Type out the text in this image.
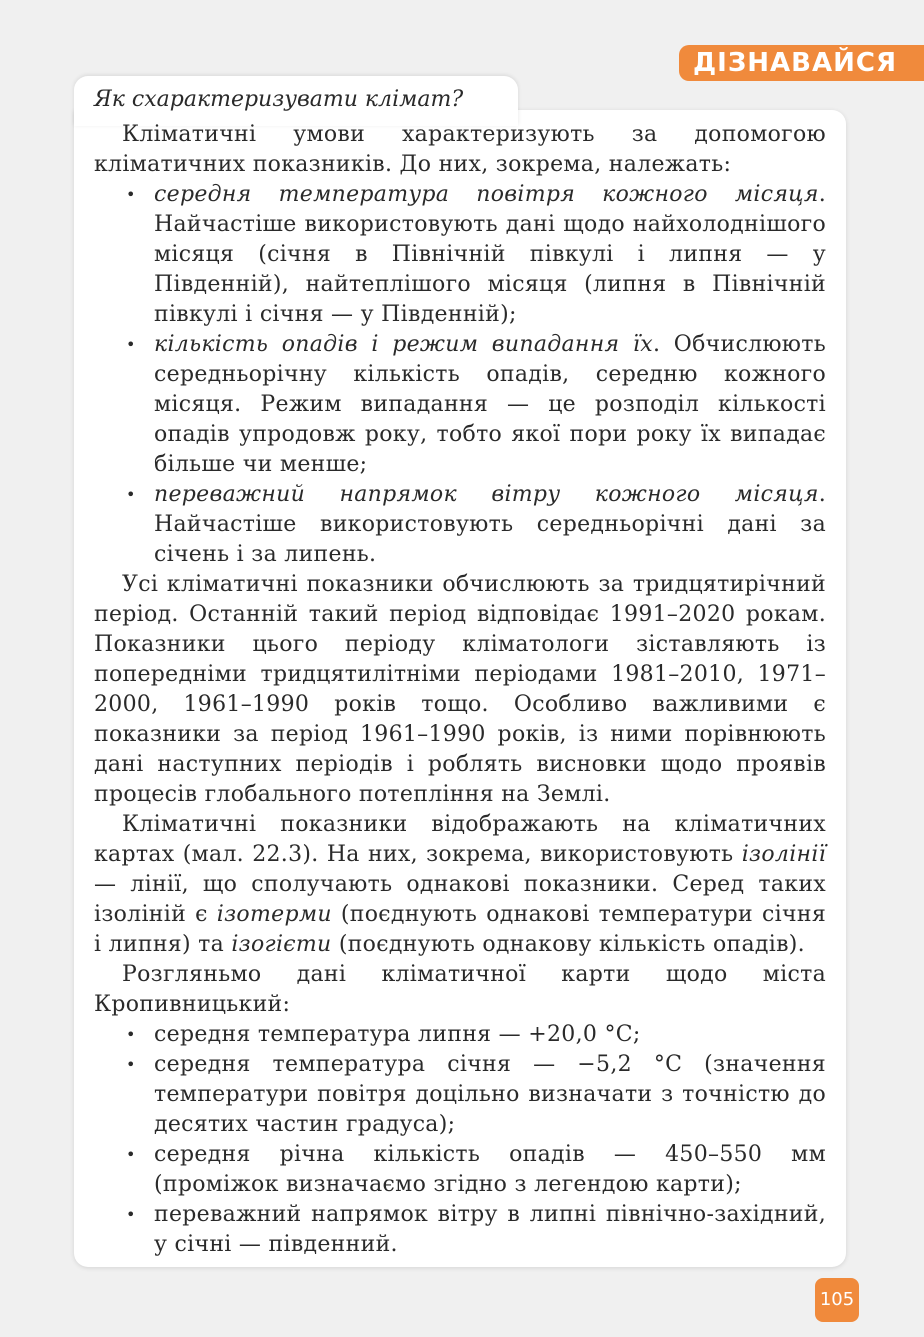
ДІЗНАВАЙСЯ
Як схарактеризувати клімат?

Кліматичні умови характеризують за допомогою кліматичних показників. До них, зокрема, належать:

• середня температура повітря кожного місяця. Найчастіше використовують дані щодо найхолоднішого місяця (січня в Північній півкулі і липня — у Південній), найтеплішого місяця (липня в Північній півкулі і січня — у Південній);
• кількість опадів і режим випадання їх. Обчислюють середньорічну кількість опадів, середню кожного місяця. Режим випадання — це розподіл кількості опадів упродовж року, тобто якої пори року їх випадає більше чи менше;
• переважний напрямок вітру кожного місяця. Найчастіше використовують середньорічні дані за січень і за липень.

Усі кліматичні показники обчислюють за тридцятирічний період. Останній такий період відповідає 1991–2020 рокам. Показники цього періоду кліматологи зіставляють із попередніми тридцятилітніми періодами 1981–2010, 1971–2000, 1961–1990 років тощо. Особливо важливими є показники за період 1961–1990 років, із ними порівнюють дані наступних періодів і роблять висновки щодо проявів процесів глобального потепління на Землі.

Кліматичні показники відображають на кліматичних картах (мал. 22.3). На них, зокрема, використовують ізолінії — лінії, що сполучають однакові показники. Серед таких ізоліній є ізотерми (поєднують однакові температури січня і липня) та ізогієти (поєднують однакову кількість опадів).

Розгляньмо дані кліматичної карти щодо міста Кропивницький:

• середня температура липня — +20,0 °С;
• середня температура січня — −5,2 °С (значення температури повітря доцільно визначати з точністю до десятих частин градуса);
• середня річна кількість опадів — 450–550 мм (проміжок визначаємо згідно з легендою карти);
• переважний напрямок вітру в липні північно-західний, у січні — південний.
105
